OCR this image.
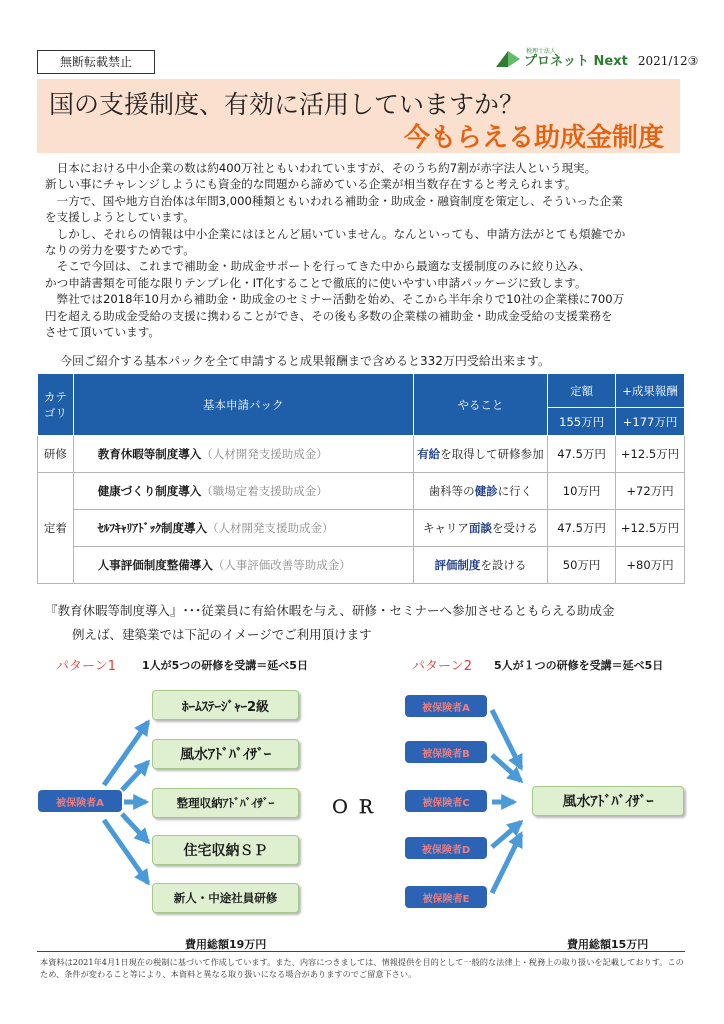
無断転載禁止
税理士法人
プロネット Next 2021/12③
国の支援制度、有効に活用していますか？
今もらえる助成金制度

　日本における中小企業の数は約400万社ともいわれていますが、そのうち約7割が赤字法人という現実。
新しい事にチャレンジしようにも資金的な問題から諦めている企業が相当数存在すると考えられます。

　一方で、国や地方自治体は年間3,000種類ともいわれる補助金・助成金・融資制度を策定し、そういった企業
を支援しようとしています。

　しかし、それらの情報は中小企業にはほとんど届いていません。なんといっても、申請方法がとても煩雑でか
なりの労力を要すためです。

　そこで今回は、これまで補助金・助成金サポートを行ってきた中から最適な支援制度のみに絞り込み、
かつ申請書類を可能な限りテンプレ化・IT化することで徹底的に使いやすい申請パッケージに致します。

　弊社では2018年10月から補助金・助成金のセミナー活動を始め、そこから半年余りで10社の企業様に700万
円を超える助成金受給の支援に携わることができ、その後も多数の企業様の補助金・助成金受給の支援業務を
させて頂いています。

今回ご紹介する基本パックを全て申請すると成果報酬まで含めると332万円受給出来ます。
カテ
ゴリ	基本申請パック	やること	定額	+成果報酬
			155万円	+177万円
研修	教育休暇等制度導入（人材開発支援助成金）	有給を取得して研修参加	47.5万円	+12.5万円
定着	健康づくり制度導入（職場定着支援助成金）	歯科等の健診に行く	10万円	+72万円
	ｾﾙﾌｷｬﾘｱﾄﾞｯｸ制度導入（人材開発支援助成金）	キャリア面談を受ける	47.5万円	+12.5万円
	人事評価制度整備導入（人事評価改善等助成金）	評価制度を設ける	50万円	+80万円
『教育休暇等制度導入』･･･従業員に有給休暇を与え、研修・セミナーへ参加させるともらえる助成金
例えば、建築業では下記のイメージでご利用頂けます
パターン1 1人が5つの研修を受講＝延べ5日
被保険者A
ﾎｰﾑｽﾃｰｼﾞｬｰ2級
風水ｱﾄﾞﾊﾞｲｻﾞｰ
整理収納ｱﾄﾞﾊﾞｲｻﾞｰ
住宅収納ＳＰ
新人・中途社員研修
費用総額19万円
ＯＲ
パターン2 5人が１つの研修を受講＝延べ5日
被保険者A
被保険者B
被保険者C
被保険者D
被保険者E
風水ｱﾄﾞﾊﾞｲｻﾞｰ
費用総額15万円
本資料は2021年4月1日現在の税制に基づいて作成しています。また、内容につきましては、情報提供を目的として一般的な法律上・税務上の取り扱いを記載しておりす。このため、条件が変わること等により、本資料と異なる取り扱いになる場合がありますのでご留意下さい。
